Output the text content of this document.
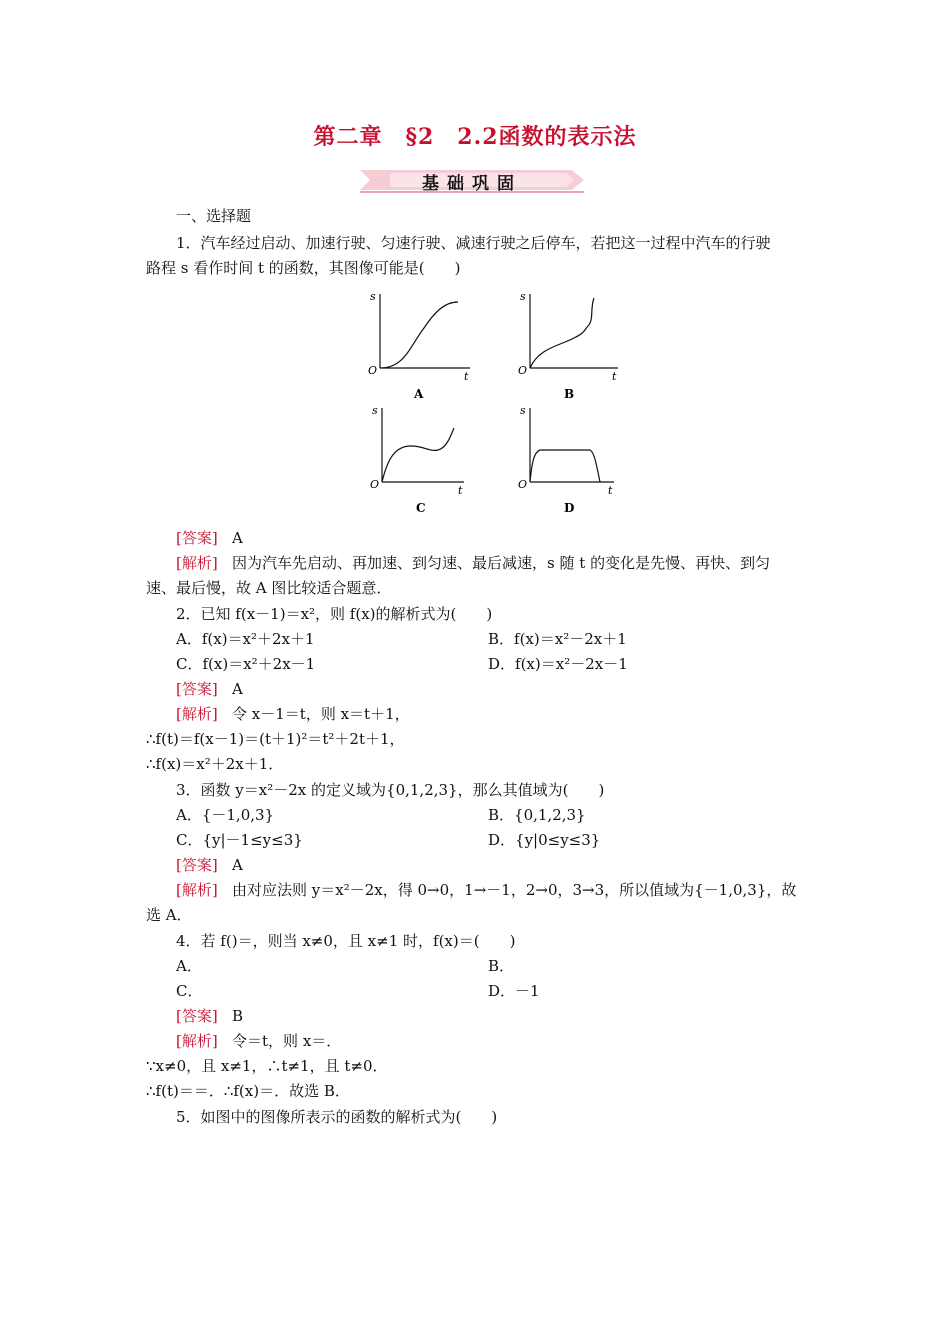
第二章　§2　2.2函数的表示法
基础巩固
一、选择题
1．汽车经过启动、加速行驶、匀速行驶、减速行驶之后停车，若把这一过程中汽车的行驶
路程 s 看作时间 t 的函数，其图像可能是(　　)
s
t
O
A
s
t
O
B
s
t
O
C
s
t
O
D
[答案] A
[解析] 因为汽车先启动、再加速、到匀速、最后减速，s 随 t 的变化是先慢、再快、到匀
速、最后慢，故 A 图比较适合题意．
2．已知 f(x－1)＝x²，则 f(x)的解析式为(　　)
A．f(x)＝x²＋2x＋1	B．f(x)＝x²－2x＋1
C．f(x)＝x²＋2x－1	D．f(x)＝x²－2x－1
[答案] A
[解析] 令 x－1＝t，则 x＝t＋1，
∴f(t)＝f(x－1)＝(t＋1)²＝t²＋2t＋1，
∴f(x)＝x²＋2x＋1．
3．函数 y＝x²－2x 的定义域为{0,1,2,3}，那么其值域为(　　)
A．{－1,0,3}	B．{0,1,2,3}
C．{y|－1≤y≤3}	D．{y|0≤y≤3}
[答案] A
[解析] 由对应法则 y＝x²－2x，得 0→0，1→－1，2→0，3→3，所以值域为{－1,0,3}，故
选 A．
4．若 f()＝，则当 x≠0，且 x≠1 时，f(x)＝(　　)
A．	B．
C．	D．－1
[答案] B
[解析] 令＝t，则 x＝．
∵x≠0，且 x≠1，∴t≠1，且 t≠0．
∴f(t)＝＝．∴f(x)＝．故选 B．
5．如图中的图像所表示的函数的解析式为(　　)
